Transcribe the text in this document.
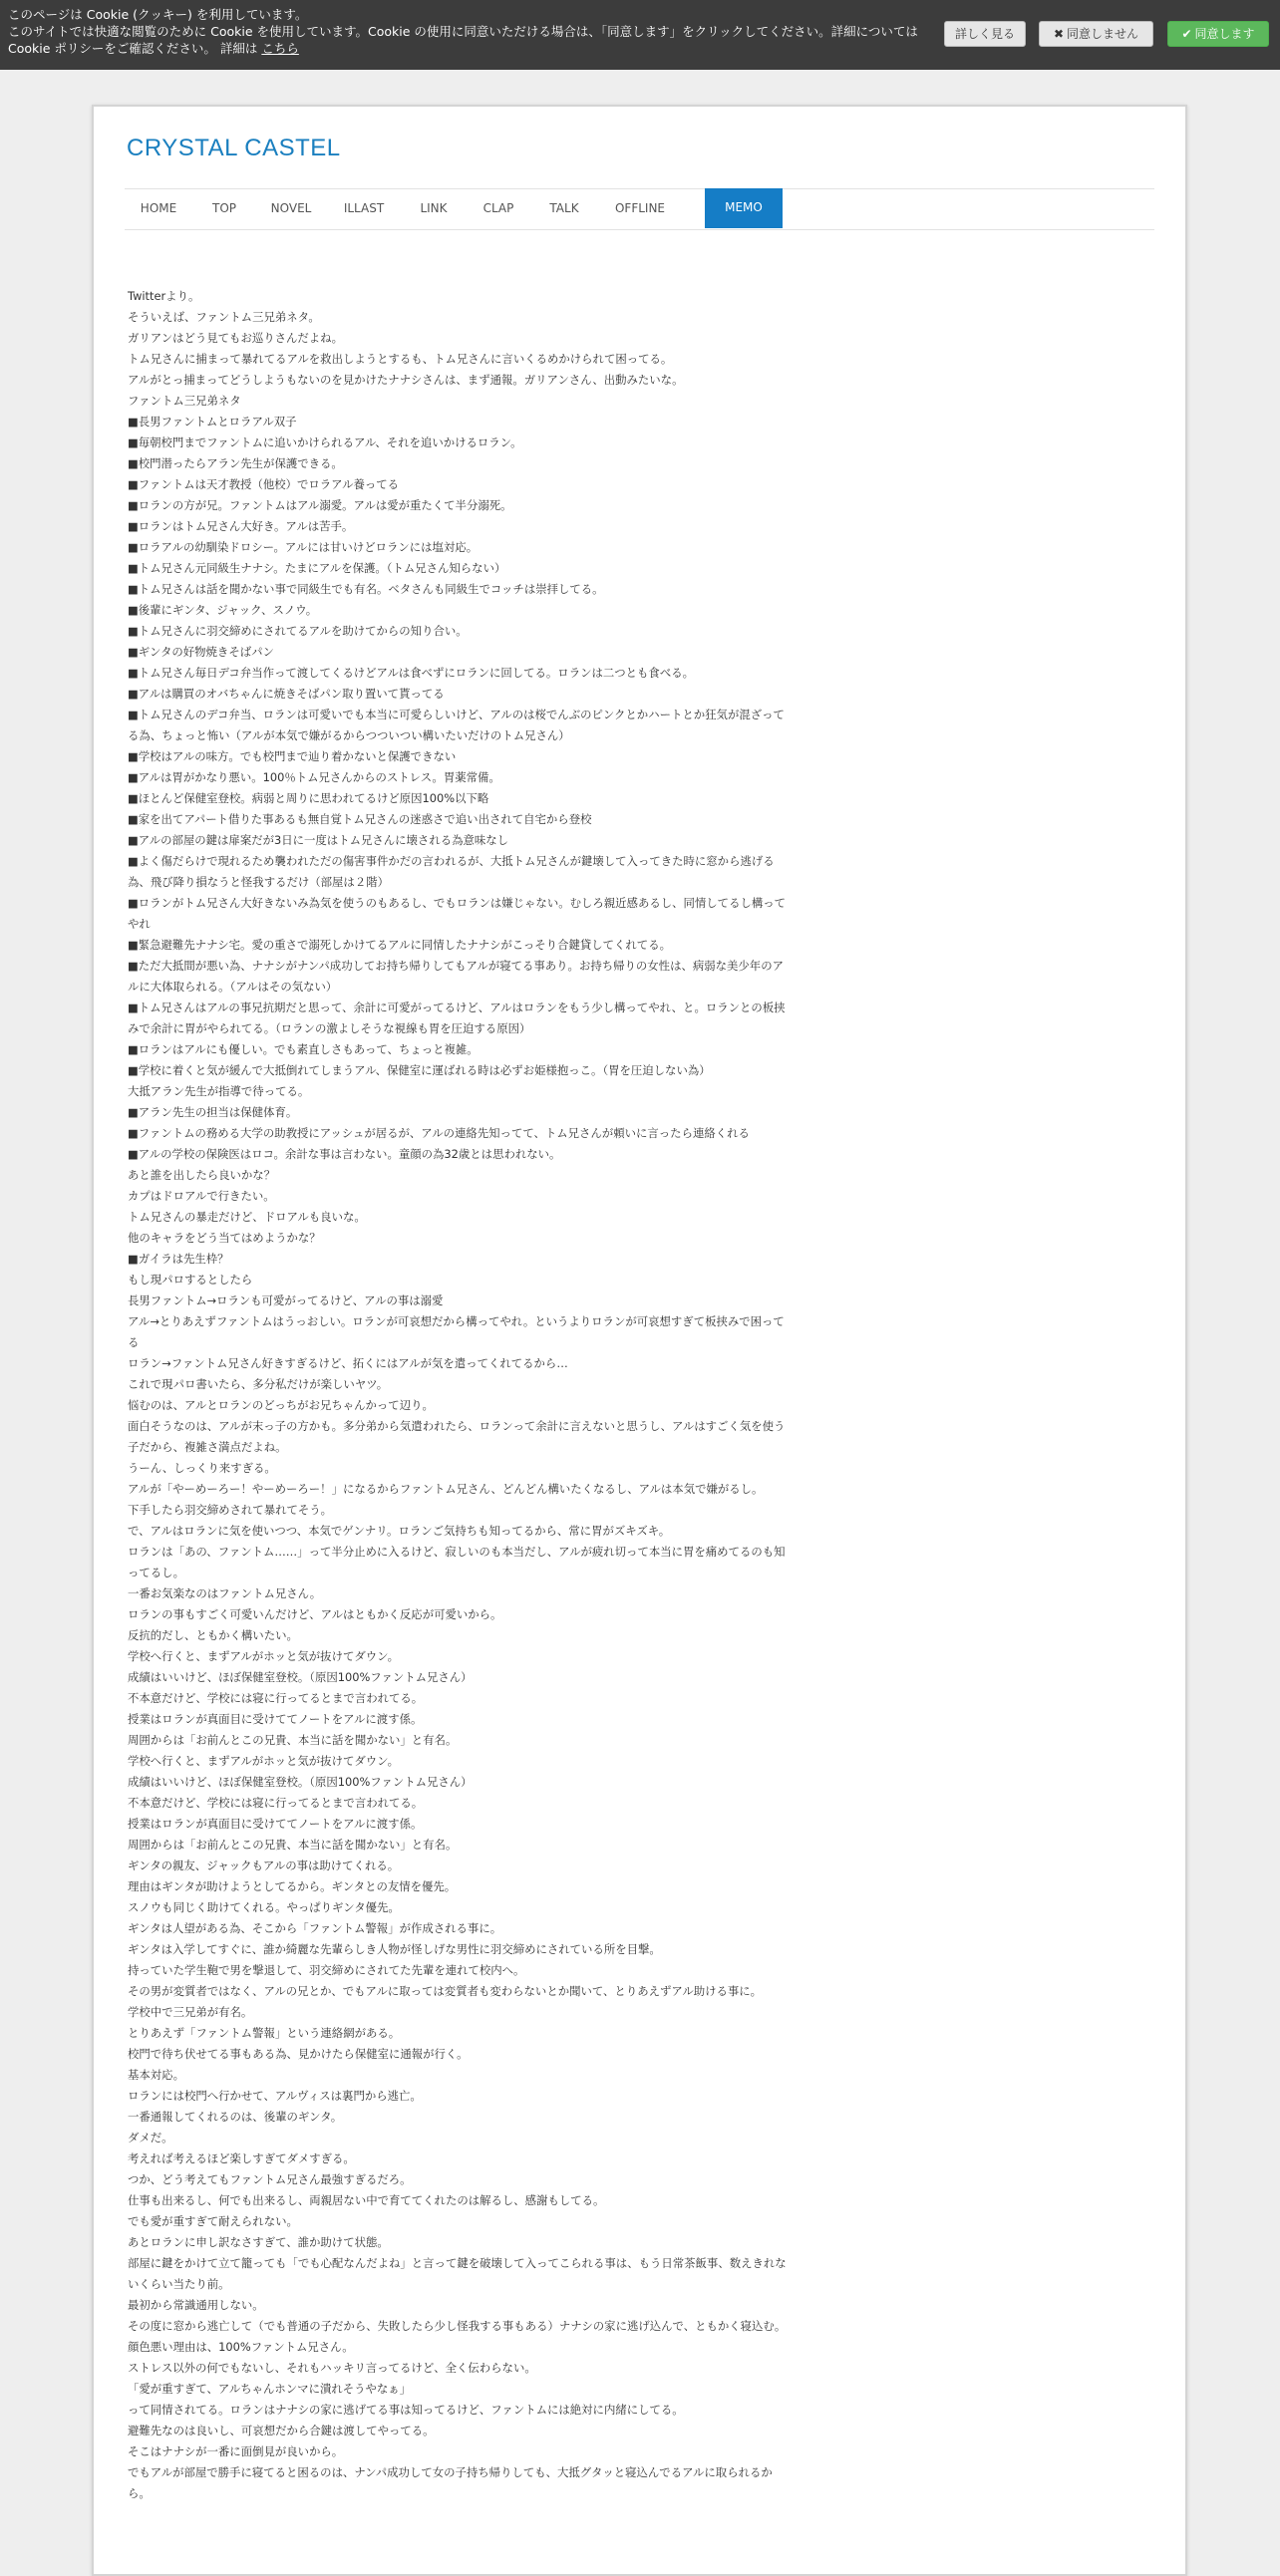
このページは Cookie (クッキー) を利用しています。
このサイトでは快適な閲覧のために Cookie を使用しています。Cookie の使用に同意いただける場合は、「同意します」をクリックしてください。詳細については Cookie ポリシーをご確認ください。 詳細は こちら
詳しく見る	✖ 同意しません	✔ 同意します
CRYSTAL CASTEL
HOME	TOP	NOVEL	ILLAST	LINK	CLAP	TALK	OFFLINE	MEMO

Twitterより。

そういえば、ファントム三兄弟ネタ。

ガリアンはどう見てもお巡りさんだよね。

トム兄さんに捕まって暴れてるアルを救出しようとするも、トム兄さんに言いくるめかけられて困ってる。

アルがとっ捕まってどうしようもないのを見かけたナナシさんは、まず通報。ガリアンさん、出動みたいな。

ファントム三兄弟ネタ

■長男ファントムとロラアル双子

■毎朝校門までファントムに追いかけられるアル、それを追いかけるロラン。

■校門潜ったらアラン先生が保護できる。

■ファントムは天才教授（他校）でロラアル養ってる

■ロランの方が兄。ファントムはアル溺愛。アルは愛が重たくて半分溺死。

■ロランはトム兄さん大好き。アルは苦手。

■ロラアルの幼馴染ドロシー。アルには甘いけどロランには塩対応。

■トム兄さん元同級生ナナシ。たまにアルを保護。（トム兄さん知らない）

■トム兄さんは話を聞かない事で同級生でも有名。ベタさんも同級生でコッチは崇拝してる。

■後輩にギンタ、ジャック、スノウ。

■トム兄さんに羽交締めにされてるアルを助けてからの知り合い。

■ギンタの好物焼きそばパン

■トム兄さん毎日デコ弁当作って渡してくるけどアルは食べずにロランに回してる。ロランは二つとも食べる。

■アルは購買のオバちゃんに焼きそばパン取り置いて貰ってる

■トム兄さんのデコ弁当、ロランは可愛いでも本当に可愛らしいけど、アルのは桜でんぶのピンクとかハートとか狂気が混ざってる為、ちょっと怖い（アルが本気で嫌がるからつついつい構いたいだけのトム兄さん）

■学校はアルの味方。でも校門まで辿り着かないと保護できない

■アルは胃がかなり悪い。100％トム兄さんからのストレス。胃薬常備。

■ほとんど保健室登校。病弱と周りに思われてるけど原因100%以下略

■家を出てアパート借りた事あるも無自覚トム兄さんの迷惑さで追い出されて自宅から登校

■アルの部屋の鍵は扉案だが3日に一度はトム兄さんに壊される為意味なし

■よく傷だらけで現れるため襲われただの傷害事件かだの言われるが、大抵トム兄さんが鍵壊して入ってきた時に窓から逃げる為、飛び降り損なうと怪我するだけ（部屋は２階）

■ロランがトム兄さん大好きないみ為気を使うのもあるし、でもロランは嫌じゃない。むしろ親近感あるし、同情してるし構ってやれ

■緊急避難先ナナシ宅。愛の重さで溺死しかけてるアルに同情したナナシがこっそり合鍵貸してくれてる。

■ただ大抵間が悪い為、ナナシがナンパ成功してお持ち帰りしてもアルが寝てる事あり。お持ち帰りの女性は、病弱な美少年のアルに大体取られる。（アルはその気ない）

■トム兄さんはアルの事兄抗期だと思って、余計に可愛がってるけど、アルはロランをもう少し構ってやれ、と。ロランとの板挟みで余計に胃がやられてる。（ロランの激よしそうな視線も胃を圧迫する原因）

■ロランはアルにも優しい。でも素直しさもあって、ちょっと複雑。

■学校に着くと気が緩んで大抵倒れてしまうアル、保健室に運ばれる時は必ずお姫様抱っこ。（胃を圧迫しない為）

大抵アラン先生が指導で待ってる。

■アラン先生の担当は保健体育。

■ファントムの務める大学の助教授にアッシュが居るが、アルの連絡先知ってて、トム兄さんが頼いに言ったら連絡くれる

■アルの学校の保険医はロコ。余計な事は言わない。童顔の為32歳とは思われない。

あと誰を出したら良いかな？

カプはドロアルで行きたい。

トム兄さんの暴走だけど、ドロアルも良いな。

他のキャラをどう当てはめようかな？

■ガイラは先生枠？

もし現パロするとしたら

長男ファントム→ロランも可愛がってるけど、アルの事は溺愛

アル→とりあえずファントムはうっおしい。ロランが可哀想だから構ってやれ。というよりロランが可哀想すぎて板挟みで困ってる

ロラン→ファントム兄さん好きすぎるけど、拓くにはアルが気を遣ってくれてるから…

これで現パロ書いたら、多分私だけが楽しいヤツ。

悩むのは、アルとロランのどっちがお兄ちゃんかって辺り。

面白そうなのは、アルが末っ子の方かも。多分弟から気遣われたら、ロランって余計に言えないと思うし、アルはすごく気を使う子だから、複雑さ満点だよね。

うーん、しっくり来すぎる。

アルが「やーめーろー！やーめーろー！」になるからファントム兄さん、どんどん構いたくなるし、アルは本気で嫌がるし。

下手したら羽交締めされて暴れてそう。

で、アルはロランに気を使いつつ、本気でゲンナリ。ロランご気持ちも知ってるから、常に胃がズキズキ。

ロランは「あの、ファントム……」って半分止めに入るけど、寂しいのも本当だし、アルが疲れ切って本当に胃を痛めてるのも知ってるし。

一番お気楽なのはファントム兄さん。

ロランの事もすごく可愛いんだけど、アルはともかく反応が可愛いから。

反抗的だし、ともかく構いたい。

学校へ行くと、まずアルがホッと気が抜けてダウン。

成績はいいけど、ほぼ保健室登校。（原因100%ファントム兄さん）

不本意だけど、学校には寝に行ってるとまで言われてる。

授業はロランが真面目に受けててノートをアルに渡す係。

周囲からは「お前んとこの兄貴、本当に話を聞かない」と有名。

学校へ行くと、まずアルがホッと気が抜けてダウン。

成績はいいけど、ほぼ保健室登校。（原因100%ファントム兄さん）

不本意だけど、学校には寝に行ってるとまで言われてる。

授業はロランが真面目に受けててノートをアルに渡す係。

周囲からは「お前んとこの兄貴、本当に話を聞かない」と有名。

ギンタの親友、ジャックもアルの事は助けてくれる。

理由はギンタが助けようとしてるから。ギンタとの友情を優先。

スノウも同じく助けてくれる。やっぱりギンタ優先。

ギンタは人望がある為、そこから「ファントム警報」が作成される事に。

ギンタは入学してすぐに、誰か綺麗な先輩らしき人物が怪しげな男性に羽交締めにされている所を目撃。

持っていた学生鞄で男を撃退して、羽交締めにされてた先輩を連れて校内へ。

その男が変質者ではなく、アルの兄とか、でもアルに取っては変質者も変わらないとか聞いて、とりあえずアル助ける事に。

学校中で三兄弟が有名。

とりあえず「ファントム警報」という連絡網がある。

校門で待ち伏せてる事もある為、見かけたら保健室に通報が行く。

基本対応。

ロランには校門へ行かせて、アルヴィスは裏門から逃亡。

一番通報してくれるのは、後輩のギンタ。

ダメだ。

考えれば考えるほど楽しすぎてダメすぎる。

つか、どう考えてもファントム兄さん最強すぎるだろ。

仕事も出来るし、何でも出来るし、両親居ない中で育ててくれたのは解るし、感謝もしてる。

でも愛が重すぎて耐えられない。

あとロランに申し訳なさすぎて、誰か助けて状態。

部屋に鍵をかけて立て籠っても「でも心配なんだよね」と言って鍵を破壊して入ってこられる事は、もう日常茶飯事、数えきれないくらい当たり前。

最初から常識通用しない。

その度に窓から逃亡して（でも普通の子だから、失敗したら少し怪我する事もある）ナナシの家に逃げ込んで、ともかく寝込む。

顔色悪い理由は、100%ファントム兄さん。

ストレス以外の何でもないし、それもハッキリ言ってるけど、全く伝わらない。

「愛が重すぎて、アルちゃんホンマに潰れそうやなぁ」

って同情されてる。ロランはナナシの家に逃げてる事は知ってるけど、ファントムには絶対に内緒にしてる。

避難先なのは良いし、可哀想だから合鍵は渡してやってる。

そこはナナシが一番に面倒見が良いから。

でもアルが部屋で勝手に寝てると困るのは、ナンパ成功して女の子持ち帰りしても、大抵グタッと寝込んでるアルに取られるから。
